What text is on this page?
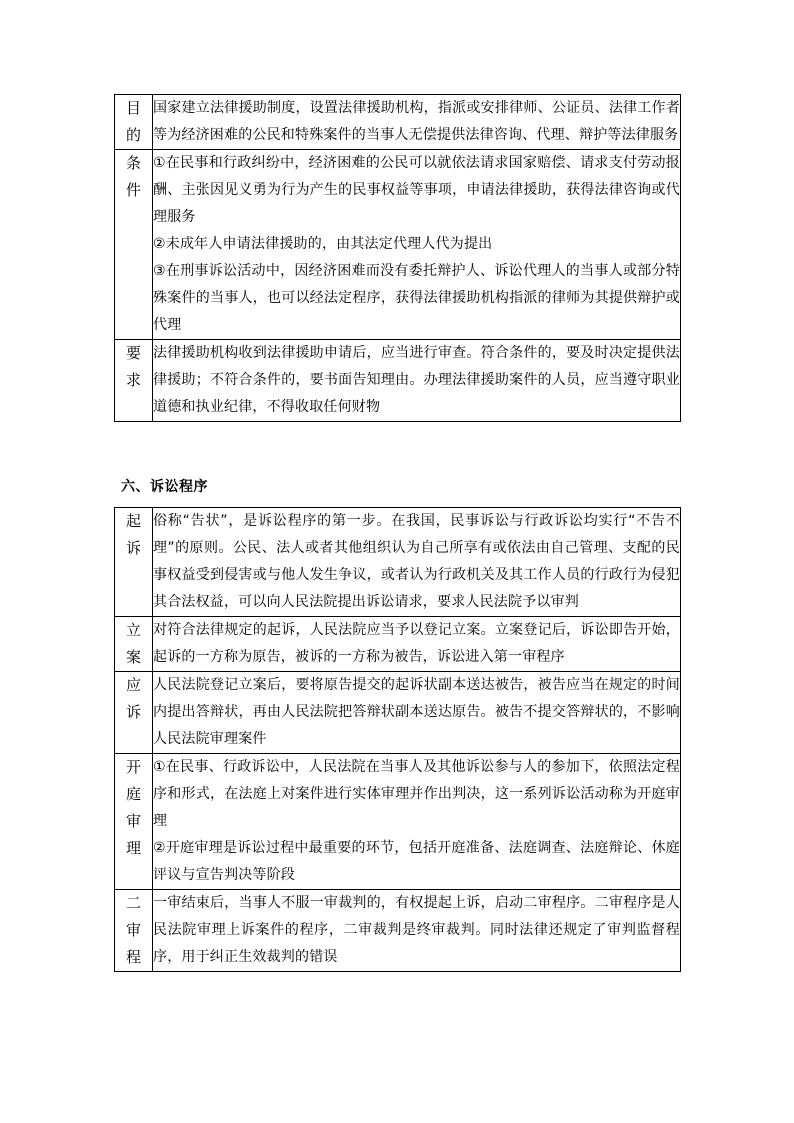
目的	国家建立法律援助制度，设置法律援助机构，指派或安排律师、公证员、法律工作者等为经济困难的公民和特殊案件的当事人无偿提供法律咨询、代理、辩护等法律服务

条件	①在民事和行政纠纷中，经济困难的公民可以就依法请求国家赔偿、请求支付劳动报酬、主张因见义勇为行为产生的民事权益等事项，申请法律援助，获得法律咨询或代理服务

②未成年人申请法律援助的，由其法定代理人代为提出

③在刑事诉讼活动中，因经济困难而没有委托辩护人、诉讼代理人的当事人或部分特殊案件的当事人，也可以经法定程序，获得法律援助机构指派的律师为其提供辩护或代理

要求	法律援助机构收到法律援助申请后，应当进行审查。符合条件的，要及时决定提供法律援助；不符合条件的，要书面告知理由。办理法律援助案件的人员，应当遵守职业道德和执业纪律，不得收取任何财物

六、诉讼程序
起诉	俗称“告状”，是诉讼程序的第一步。在我国，民事诉讼与行政诉讼均实行“不告不理”的原则。公民、法人或者其他组织认为自己所享有或依法由自己管理、支配的民事权益受到侵害或与他人发生争议，或者认为行政机关及其工作人员的行政行为侵犯其合法权益，可以向人民法院提出诉讼请求，要求人民法院予以审判

立案	对符合法律规定的起诉，人民法院应当予以登记立案。立案登记后，诉讼即告开始，起诉的一方称为原告，被诉的一方称为被告，诉讼进入第一审程序

应诉	人民法院登记立案后，要将原告提交的起诉状副本送达被告，被告应当在规定的时间内提出答辩状，再由人民法院把答辩状副本送达原告。被告不提交答辩状的，不影响人民法院审理案件

开庭审理	①在民事、行政诉讼中，人民法院在当事人及其他诉讼参与人的参加下，依照法定程序和形式，在法庭上对案件进行实体审理并作出判决，这一系列诉讼活动称为开庭审理

②开庭审理是诉讼过程中最重要的环节，包括开庭准备、法庭调查、法庭辩论、休庭评议与宣告判决等阶段

二审程	一审结束后，当事人不服一审裁判的，有权提起上诉，启动二审程序。二审程序是人民法院审理上诉案件的程序，二审裁判是终审裁判。同时法律还规定了审判监督程序，用于纠正生效裁判的错误
